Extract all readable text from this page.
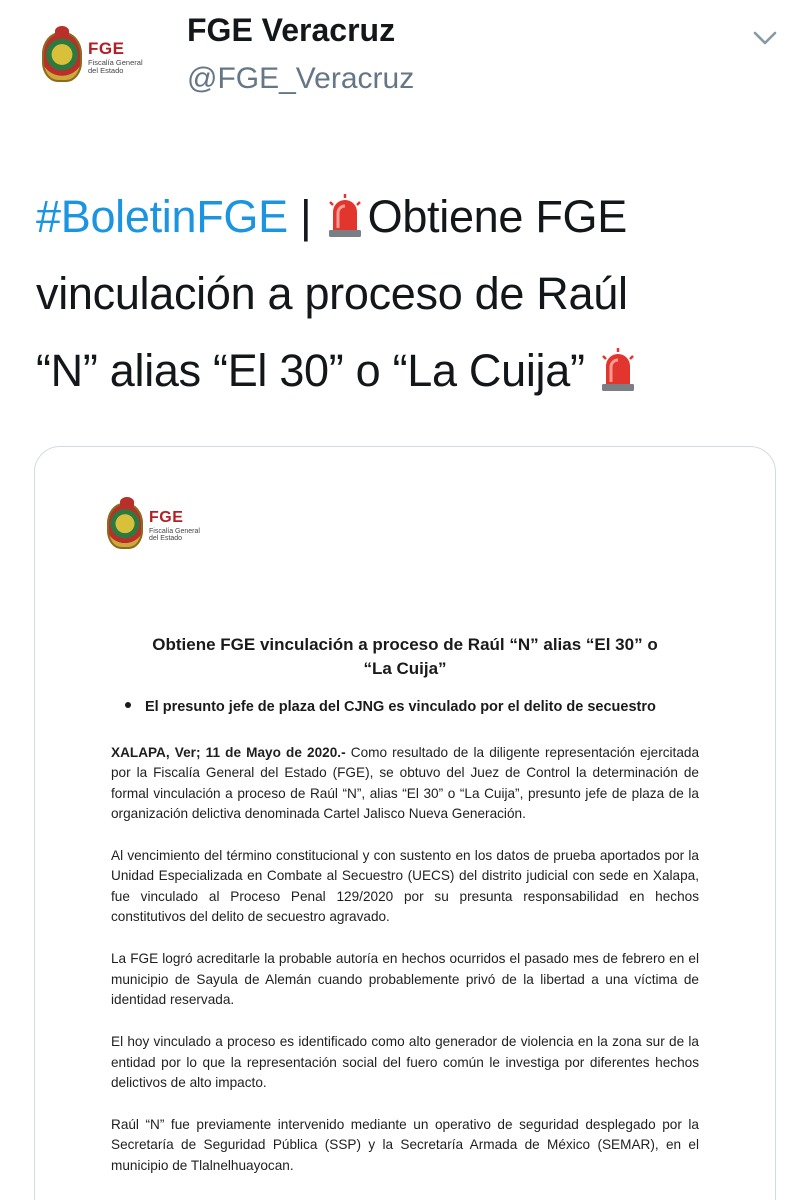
FGE
Fiscalía General
del Estado
FGE Veracruz
@FGE_Veracruz
#BoletinFGE | Obtiene FGE
vinculación a proceso de Raúl
“N” alias “El 30” o “La Cuija”
FGE
Fiscalía General
del Estado
Obtiene FGE vinculación a proceso de Raúl “N” alias “El 30” o
“La Cuija”
El presunto jefe de plaza del CJNG es vinculado por el delito de secuestro

XALAPA, Ver; 11 de Mayo de 2020.- Como resultado de la diligente representación ejercitada por la Fiscalía General del Estado (FGE), se obtuvo del Juez de Control la determinación de formal vinculación a proceso de Raúl “N”, alias “El 30” o “La Cuija”, presunto jefe de plaza de la organización delictiva denominada Cartel Jalisco Nueva Generación.

Al vencimiento del término constitucional y con sustento en los datos de prueba aportados por la Unidad Especializada en Combate al Secuestro (UECS) del distrito judicial con sede en Xalapa, fue vinculado al Proceso Penal 129/2020 por su presunta responsabilidad en hechos constitutivos del delito de secuestro agravado.

La FGE logró acreditarle la probable autoría en hechos ocurridos el pasado mes de febrero en el municipio de Sayula de Alemán cuando probablemente privó de la libertad a una víctima de identidad reservada.

El hoy vinculado a proceso es identificado como alto generador de violencia en la zona sur de la entidad por lo que la representación social del fuero común le investiga por diferentes hechos delictivos de alto impacto.

Raúl “N” fue previamente intervenido mediante un operativo de seguridad desplegado por la Secretaría de Seguridad Pública (SSP) y la Secretaría Armada de México (SEMAR), en el municipio de Tlalnelhuayocan.
